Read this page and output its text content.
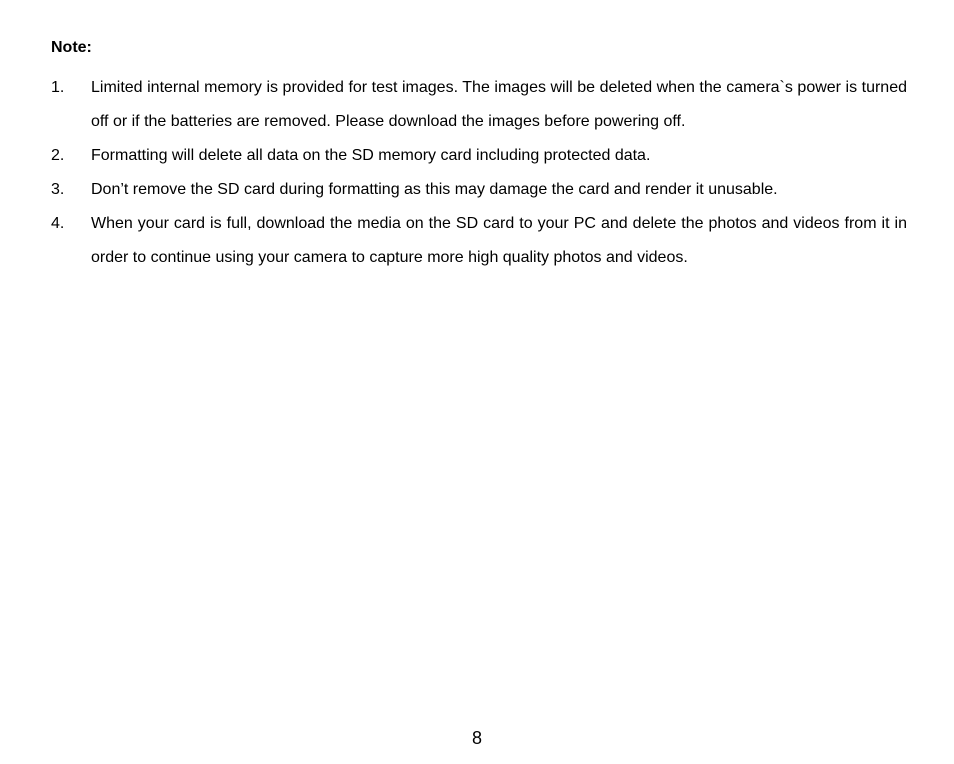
Note:

1.	Limited internal memory is provided for test images. The images will be deleted when the camera`s power is turned off or if the batteries are removed. Please download the images before powering off.
2.	Formatting will delete all data on the SD memory card including protected data.
3.	Don’t remove the SD card during formatting as this may damage the card and render it unusable.
4.	When your card is full, download the media on the SD card to your PC and delete the photos and videos from it in order to continue using your camera to capture more high quality photos and videos.
8
